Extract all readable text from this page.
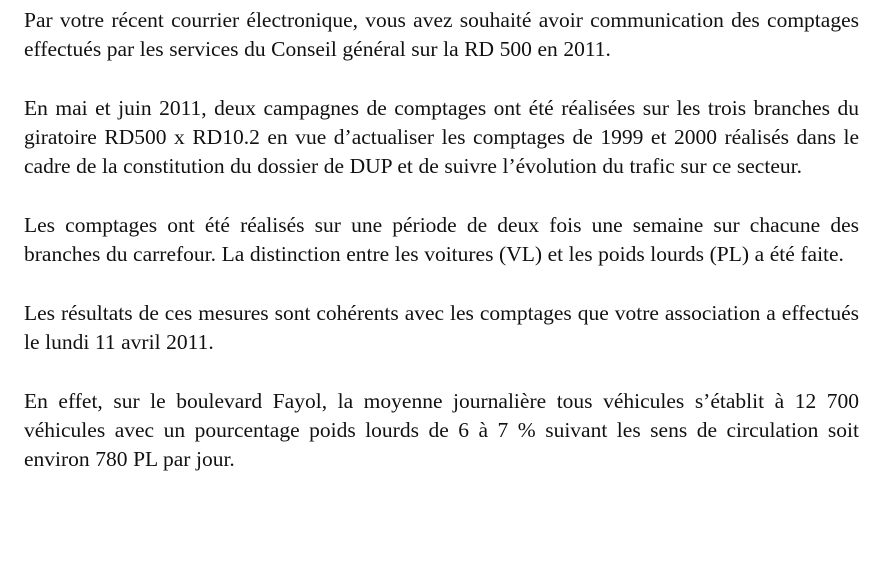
Par votre récent courrier électronique, vous avez souhaité avoir communication des comptages effectués par les services du Conseil général sur la RD 500 en 2011.

En mai et juin 2011, deux campagnes de comptages ont été réalisées sur les trois branches du giratoire RD500 x RD10.2 en vue d’actualiser les comptages de 1999 et 2000 réalisés dans le cadre de la constitution du dossier de DUP et de suivre l’évolution du trafic sur ce secteur.

Les comptages ont été réalisés sur une période de deux fois une semaine sur chacune des branches du carrefour. La distinction entre les voitures (VL) et les poids lourds (PL) a été faite.

Les résultats de ces mesures sont cohérents avec les comptages que votre association a effectués le lundi 11 avril 2011.

En effet, sur le boulevard Fayol, la moyenne journalière tous véhicules s’établit à 12 700 véhicules avec un pourcentage poids lourds de 6 à 7 % suivant les sens de circulation soit environ 780 PL par jour.
